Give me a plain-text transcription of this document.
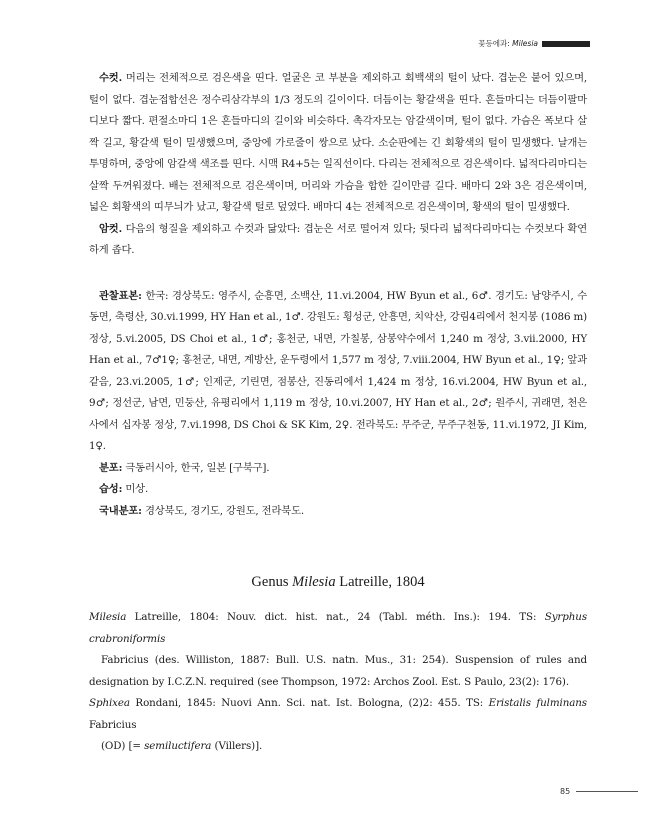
꽃등에과: Milesia

수컷. 머리는 전체적으로 검은색을 띤다. 얼굴은 코 부분을 제외하고 회백색의 털이 났다. 겹눈은 붙어 있으며, 털이 없다. 겹눈접합선은 정수리삼각부의 1/3 정도의 길이이다. 더듬이는 황갈색을 띤다. 흔들마디는 더듬이팔마디보다 짧다. 편절소마디 1은 흔들마디의 길이와 비슷하다. 촉각자모는 암갈색이며, 털이 없다. 가슴은 폭보다 살짝 길고, 황갈색 털이 밀생했으며, 중앙에 가로줄이 쌍으로 났다. 소순판에는 긴 회황색의 털이 밀생했다. 날개는 투명하며, 중앙에 암갈색 색조를 띤다. 시맥 R4+5는 일직선이다. 다리는 전체적으로 검은색이다. 넓적다리마디는 살짝 두꺼워졌다. 배는 전체적으로 검은색이며, 머리와 가슴을 합한 길이만큼 길다. 배마디 2와 3은 검은색이며, 넓은 회황색의 띠무늬가 났고, 황갈색 털로 덮였다. 배마디 4는 전체적으로 검은색이며, 황색의 털이 밀생했다.

암컷. 다음의 형질을 제외하고 수컷과 닮았다: 겹눈은 서로 떨어져 있다; 뒷다리 넓적다리마디는 수컷보다 확연하게 좁다.

관찰표본: 한국: 경상북도: 영주시, 순흥면, 소백산, 11.vi.2004, HW Byun et al., 6♂. 경기도: 남양주시, 수동면, 축령산, 30.vi.1999, HY Han et al., 1♂. 강원도: 횡성군, 안흥면, 치악산, 강림4리에서 천지봉 (1086 m) 정상, 5.vi.2005, DS Choi et al., 1♂; 홍천군, 내면, 가칠봉, 삼봉약수에서 1,240 m 정상, 3.vii.2000, HY Han et al., 7♂1♀; 홍천군, 내면, 계방산, 운두령에서 1,577 m 정상, 7.viii.2004, HW Byun et al., 1♀; 앞과 같음, 23.vi.2005, 1♂; 인제군, 기린면, 점봉산, 진동리에서 1,424 m 정상, 16.vi.2004, HW Byun et al., 9♂; 정선군, 남면, 민둥산, 유평리에서 1,119 m 정상, 10.vi.2007, HY Han et al., 2♂; 원주시, 귀래면, 천은사에서 십자봉 정상, 7.vi.1998, DS Choi & SK Kim, 2♀. 전라북도: 무주군, 무주구천동, 11.vi.1972, JI Kim, 1♀.

분포: 극동러시아, 한국, 일본 [구북구].

습성: 미상.

국내분포: 경상북도, 경기도, 강원도, 전라북도.

Genus Milesia Latreille, 1804

Milesia Latreille, 1804: Nouv. dict. hist. nat., 24 (Tabl. méth. Ins.): 194. TS: Syrphus crabroniformis
Fabricius (des. Williston, 1887: Bull. U.S. natn. Mus., 31: 254). Suspension of rules and designation by I.C.Z.N. required (see Thompson, 1972: Archos Zool. Est. S Paulo, 23(2): 176).

Sphixea Rondani, 1845: Nuovi Ann. Sci. nat. Ist. Bologna, (2)2: 455. TS: Eristalis fulminans Fabricius
(OD) [= semiluctifera (Villers)].

85
